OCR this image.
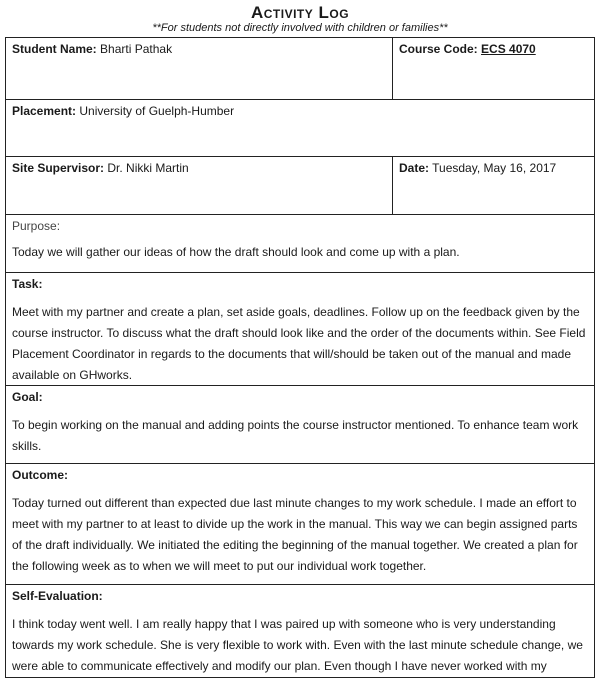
Activity Log
**For students not directly involved with children or families**
Student Name: Bharti Pathak	Course Code: ECS 4070
Placement: University of Guelph-Humber
Site Supervisor: Dr. Nikki Martin	Date: Tuesday, May 16, 2017
Purpose:
Today we will gather our ideas of how the draft should look and come up with a plan.
Task:
Meet with my partner and create a plan, set aside goals, deadlines. Follow up on the feedback given by the course instructor. To discuss what the draft should look like and the order of the documents within. See Field Placement Coordinator in regards to the documents that will/should be taken out of the manual and made available on GHworks.
Goal:
To begin working on the manual and adding points the course instructor mentioned. To enhance team work skills.
Outcome:
Today turned out different than expected due last minute changes to my work schedule. I made an effort to meet with my partner to at least to divide up the work in the manual. This way we can begin assigned parts of the draft individually. We initiated the editing the beginning of the manual together. We created a plan for the following week as to when we will meet to put our individual work together.
Self-Evaluation:
I think today went well. I am really happy that I was paired up with someone who is very understanding towards my work schedule. She is very flexible to work with. Even with the last minute schedule change, we were able to communicate effectively and modify our plan. Even though I have never worked with my
